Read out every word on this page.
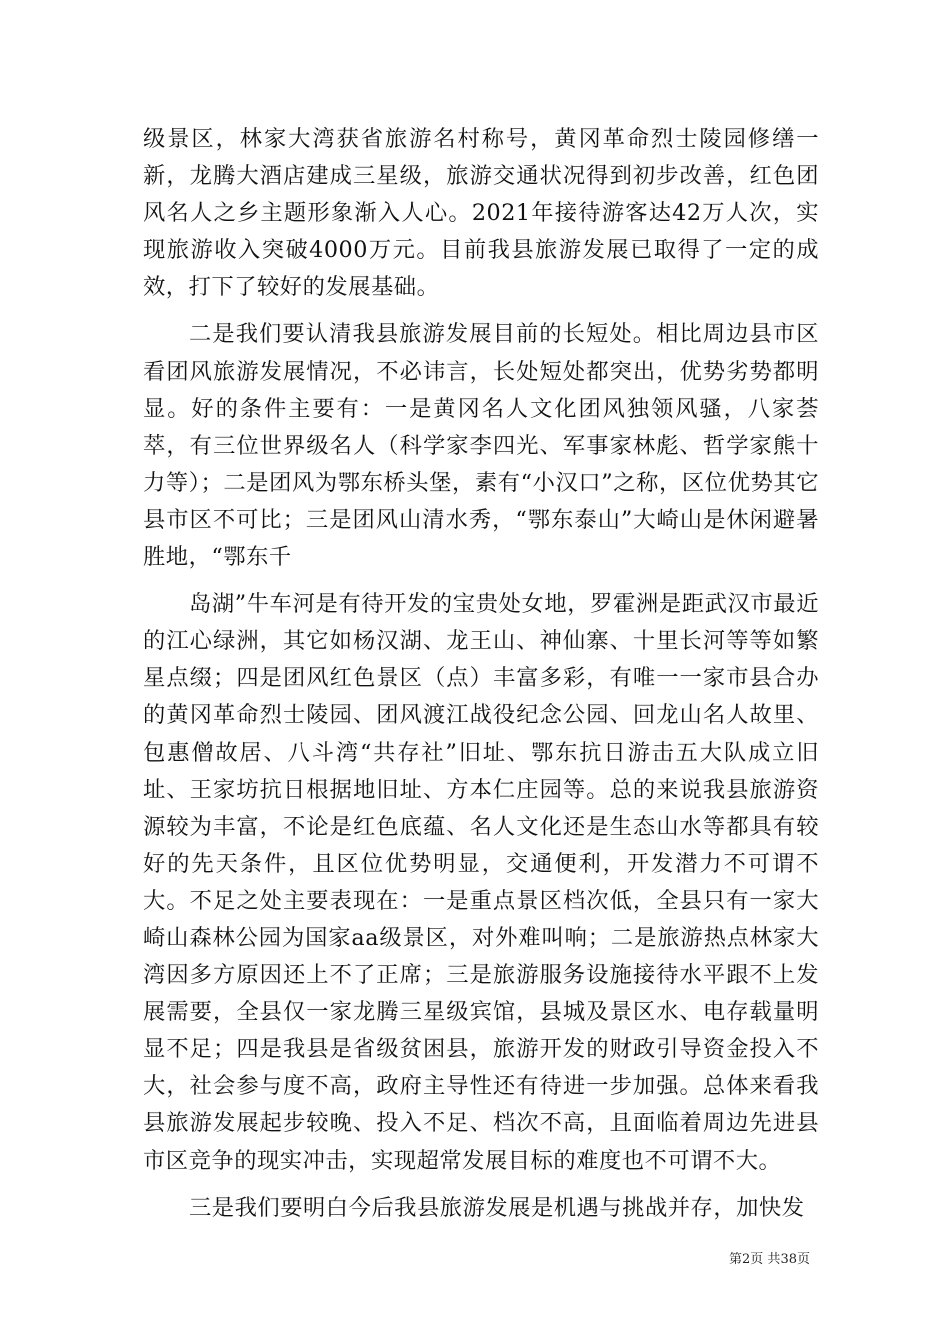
级景区，林家大湾获省旅游名村称号，黄冈革命烈士陵园修缮一新，龙腾大酒店建成三星级，旅游交通状况得到初步改善，红色团风名人之乡主题形象渐入人心。2021年接待游客达42万人次，实现旅游收入突破4000万元。目前我县旅游发展已取得了一定的成效，打下了较好的发展基础。

二是我们要认清我县旅游发展目前的长短处。相比周边县市区看团风旅游发展情况，不必讳言，长处短处都突出，优势劣势都明显。好的条件主要有：一是黄冈名人文化团风独领风骚，八家荟萃，有三位世界级名人（科学家李四光、军事家林彪、哲学家熊十力等）；二是团风为鄂东桥头堡，素有“小汉口”之称，区位优势其它县市区不可比；三是团风山清水秀，“鄂东泰山”大崎山是休闲避暑胜地，“鄂东千

岛湖”牛车河是有待开发的宝贵处女地，罗霍洲是距武汉市最近的江心绿洲，其它如杨汉湖、龙王山、神仙寨、十里长河等等如繁星点缀；四是团风红色景区（点）丰富多彩，有唯一一家市县合办的黄冈革命烈士陵园、团风渡江战役纪念公园、回龙山名人故里、包惠僧故居、八斗湾“共存社”旧址、鄂东抗日游击五大队成立旧址、王家坊抗日根据地旧址、方本仁庄园等。总的来说我县旅游资源较为丰富，不论是红色底蕴、名人文化还是生态山水等都具有较好的先天条件，且区位优势明显，交通便利，开发潜力不可谓不大。不足之处主要表现在：一是重点景区档次低，全县只有一家大崎山森林公园为国家aa级景区，对外难叫响；二是旅游热点林家大湾因多方原因还上不了正席；三是旅游服务设施接待水平跟不上发展需要，全县仅一家龙腾三星级宾馆，县城及景区水、电存载量明显不足；四是我县是省级贫困县，旅游开发的财政引导资金投入不大，社会参与度不高，政府主导性还有待进一步加强。总体来看我县旅游发展起步较晚、投入不足、档次不高，且面临着周边先进县市区竞争的现实冲击，实现超常发展目标的难度也不可谓不大。

三是我们要明白今后我县旅游发展是机遇与挑战并存，加快发

第2页 共38页
